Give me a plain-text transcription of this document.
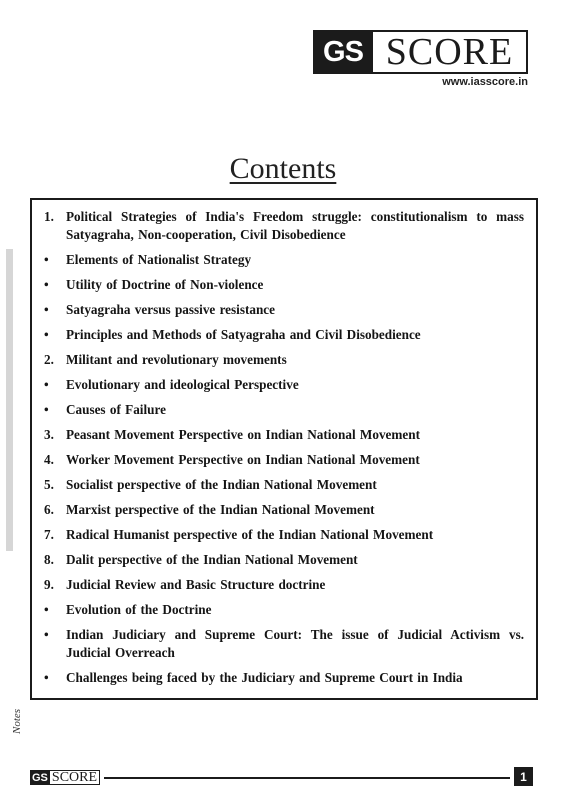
GS SCORE
www.iasscore.in
Contents
1. Political Strategies of India's Freedom struggle: constitutionalism to mass Satyagraha, Non-cooperation, Civil Disobedience
•	Elements of Nationalist Strategy
•	Utility of Doctrine of Non-violence
•	Satyagraha versus passive resistance
•	Principles and Methods of Satyagraha and Civil Disobedience
2. Militant and revolutionary movements
•	Evolutionary and ideological Perspective
•	Causes of Failure
3. Peasant Movement Perspective on Indian National Movement
4. Worker Movement Perspective on Indian National Movement
5. Socialist perspective of the Indian National Movement
6. Marxist perspective of the Indian National Movement
7. Radical Humanist perspective of the Indian National Movement
8. Dalit perspective of the Indian National Movement
9. Judicial Review and Basic Structure doctrine
•	Evolution of the Doctrine
•	Indian Judiciary and Supreme Court: The issue of Judicial Activism vs. Judicial Overreach
•	Challenges being faced by the Judiciary and Supreme Court in India
Notes
GS SCORE	1
